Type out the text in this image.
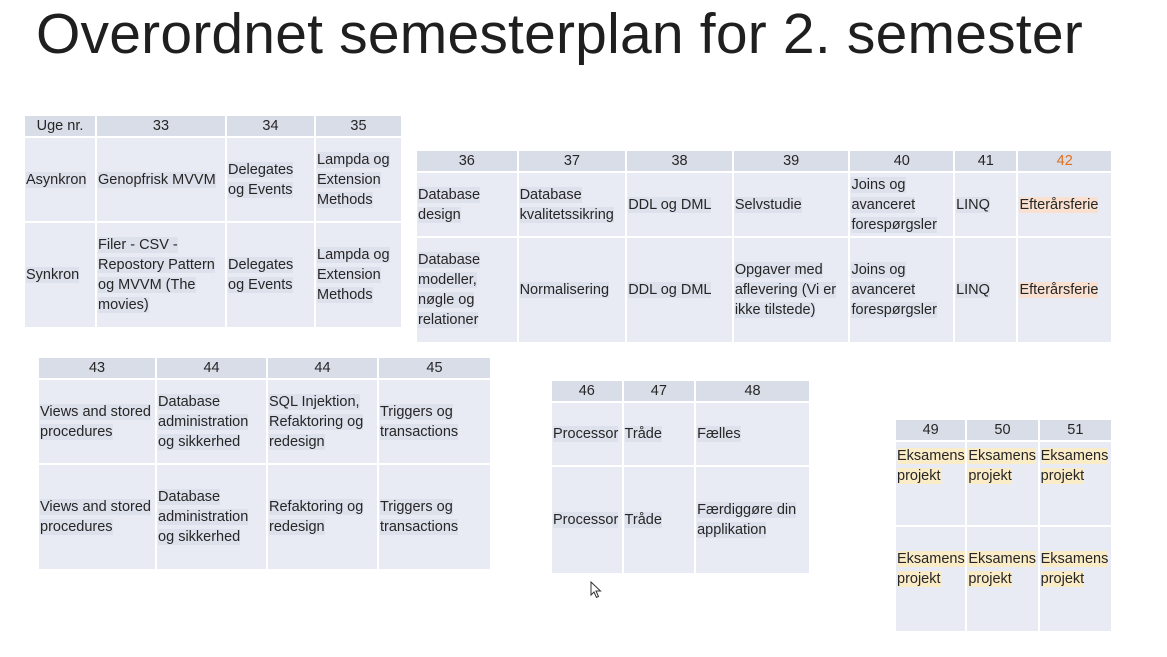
Overordnet semesterplan for 2. semester
Uge nr.	33	34	35
Asynkron	Genopfrisk MVVM	Delegates og Events	Lampda og Extension Methods
Synkron	Filer - CSV - Repostory Pattern og MVVM (The movies)	Delegates og Events	Lampda og Extension Methods
36	37	38	39	40	41	42
Database design	Database kvalitetssikring	DDL og DML	Selvstudie	Joins og avanceret forespørgsler	LINQ	Efterårsferie
Database modeller, nøgle og relationer	Normalisering	DDL og DML	Opgaver med aflevering (Vi er ikke tilstede)	Joins og avanceret forespørgsler	LINQ	Efterårsferie
43	44	44	45
Views and stored procedures	Database administration og sikkerhed	SQL Injektion, Refaktoring og redesign	Triggers og transactions
Views and stored procedures	Database administration og sikkerhed	Refaktoring og redesign	Triggers og transactions
46	47	48
Processor	Tråde	Fælles
Processor	Tråde	Færdiggøre din applikation
49	50	51
Eksamens projekt	Eksamens projekt	Eksamens projekt
Eksamens projekt	Eksamens projekt	Eksamens projekt
